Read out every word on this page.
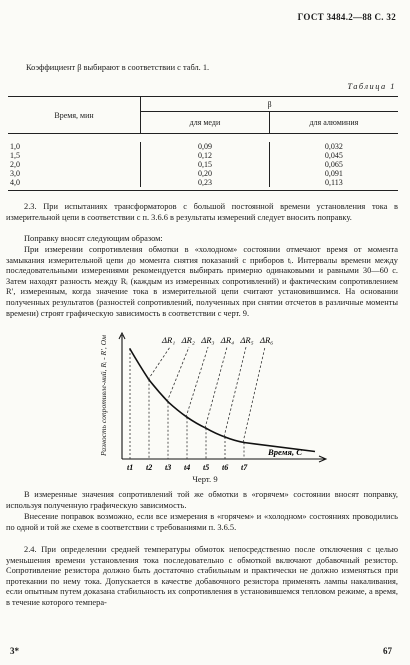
ГОСТ 3484.2—88 С. 32
Коэффициент β выбирают в соответствии с табл. 1.
Таблица 1
Время, мин	β	
	для меди	для алюминия

1,0	0,09	0,032
1,5	0,12	0,045
2,0	0,15	0,065
3,0	0,20	0,091
4,0	0,23	0,113

2.3. При испытаниях трансформаторов с большой постоянной времени установления тока в измерительной цепи в соответствии с п. 3.6.6 в результаты измерений следует вносить поправку.
Поправку вносят следующим образом:
При измерении сопротивления обмотки в «холодном» состоянии отмечают время от момента замыкания измерительной цепи до момента снятия показаний с приборов tᵢ. Интервалы времени между последовательными измерениями рекомендуется выбирать примерно одинаковыми и равными 30—60 с. Затем находят разность между Rᵢ (каждым из измеренных сопротивлений) и фактическим сопротивлением R′, измеренным, когда значение тока в измерительной цепи считают установившимся. На основании полученных результатов (разностей сопротивлений, полученных при снятии отсчетов в различные моменты времени) строят графическую зависимость в соответствии с черт. 9.
t1 t2 t3 t4 t5 t6 t7
ΔR₁ ΔR₂ ΔR₃ ΔR₄ ΔR₅ ΔR₆
Время, С
Разность сопротивле-ний, Rᵢ - R′, Ом
Черт. 9
В измеренные значения сопротивлений той же обмотки в «горячем» состоянии вносят поправку, используя полученную графическую зависимость.
Внесение поправок возможно, если все измерения в «горячем» и «холодном» состояниях проводились по одной и той же схеме в соответствии с требованиями п. 3.6.5.
2.4. При определении средней температуры обмоток непосредственно после отключения с целью уменьшения времени установления тока последовательно с обмоткой включают добавочный резистор. Сопротивление резистора должно быть достаточно стабильным и практически не должно изменяться при протекании по нему тока. Допускается в качестве добавочного резистора применять лампы накаливания, если опытным путем доказана стабильность их сопротивления в установившемся тепловом режиме, а время, в течение которого темпера-
3*	67
